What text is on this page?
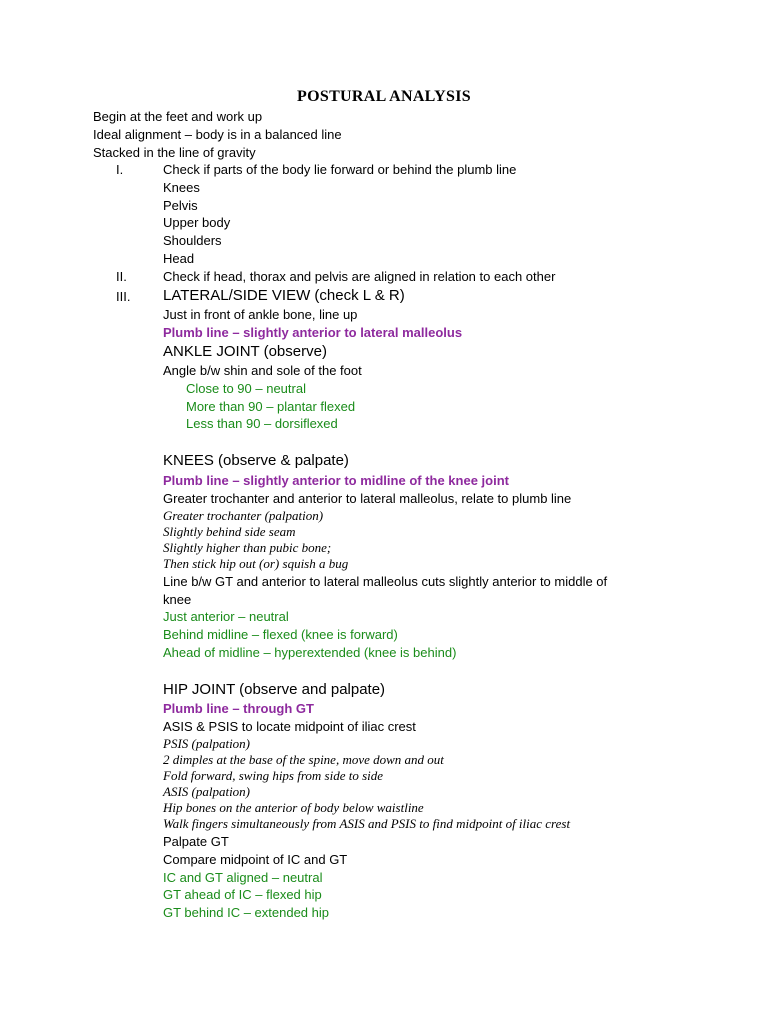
POSTURAL ANALYSIS
Begin at the feet and work up
Ideal alignment – body is in a balanced line
Stacked in the line of gravity
I.	Check if parts of the body lie forward or behind the plumb line
Knees
Pelvis
Upper body
Shoulders
Head
II.	Check if head, thorax and pelvis are aligned in relation to each other
III. LATERAL/SIDE VIEW (check L & R)
Just in front of ankle bone, line up
Plumb line – slightly anterior to lateral malleolus
ANKLE JOINT (observe)
Angle b/w shin and sole of the foot
Close to 90 – neutral
More than 90 – plantar flexed
Less than 90 – dorsiflexed
KNEES (observe & palpate)
Plumb line – slightly anterior to midline of the knee joint
Greater trochanter and anterior to lateral malleolus, relate to plumb line
Greater trochanter (palpation)
Slightly behind side seam
Slightly higher than pubic bone;
Then stick hip out (or) squish a bug
Line b/w GT and anterior to lateral malleolus cuts slightly anterior to middle of
knee
Just anterior – neutral
Behind midline – flexed (knee is forward)
Ahead of midline – hyperextended (knee is behind)
HIP JOINT (observe and palpate)
Plumb line – through GT
ASIS & PSIS to locate midpoint of iliac crest
PSIS (palpation)
2 dimples at the base of the spine, move down and out
Fold forward, swing hips from side to side
ASIS (palpation)
Hip bones on the anterior of body below waistline
Walk fingers simultaneously from ASIS and PSIS to find midpoint of iliac crest
Palpate GT
Compare midpoint of IC and GT
IC and GT aligned – neutral
GT ahead of IC – flexed hip
GT behind IC – extended hip
